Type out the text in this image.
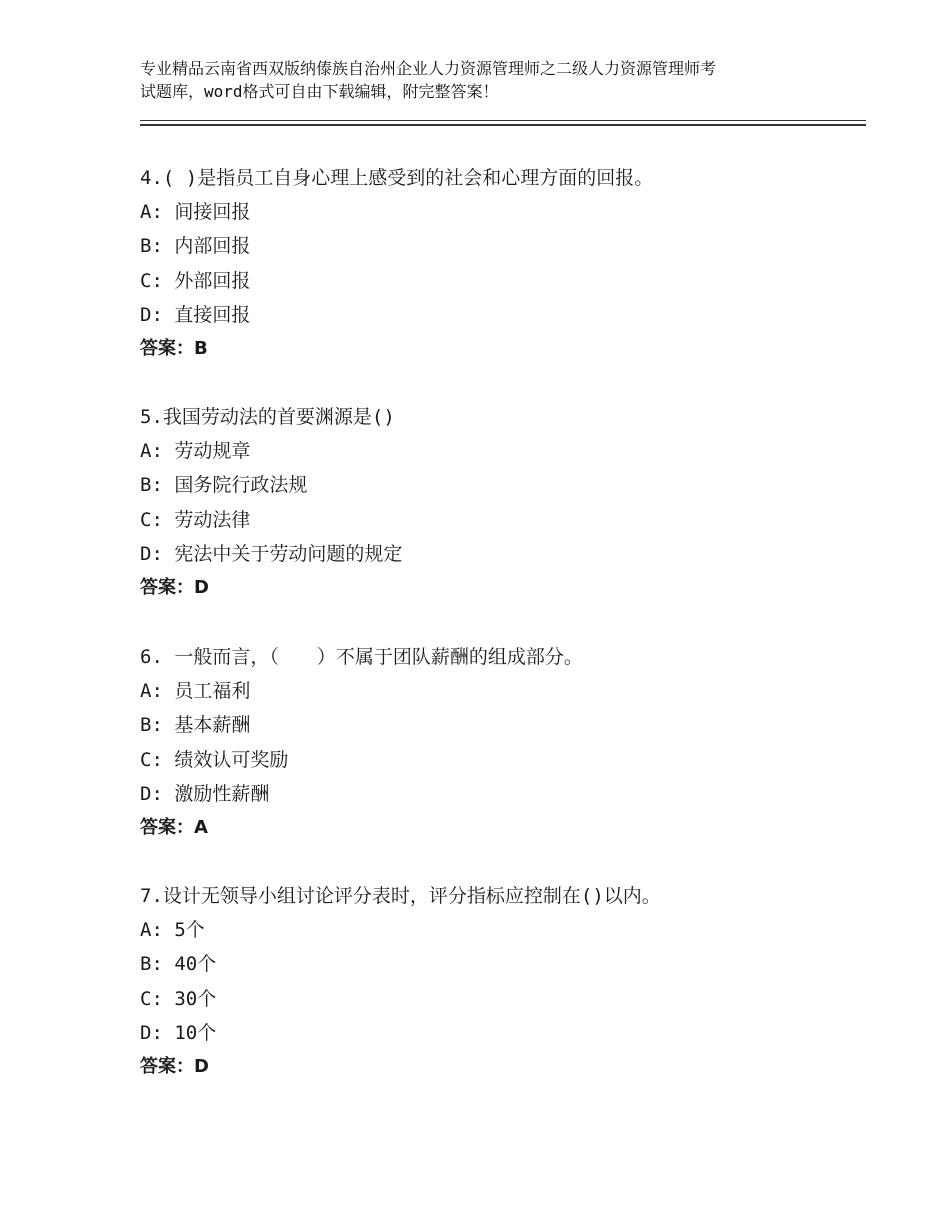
专业精品云南省西双版纳傣族自治州企业人力资源管理师之二级人力资源管理师考
试题库，word格式可自由下载编辑，附完整答案！
4.( )是指员工自身心理上感受到的社会和心理方面的回报。
A: 间接回报
B: 内部回报
C: 外部回报
D: 直接回报
答案：B
5.我国劳动法的首要渊源是()
A: 劳动规章
B: 国务院行政法规
C: 劳动法律
D: 宪法中关于劳动问题的规定
答案：D
6. 一般而言，（　　）不属于团队薪酬的组成部分。
A: 员工福利
B: 基本薪酬
C: 绩效认可奖励
D: 激励性薪酬
答案：A
7.设计无领导小组讨论评分表时，评分指标应控制在()以内。
A: 5个
B: 40个
C: 30个
D: 10个
答案：D
